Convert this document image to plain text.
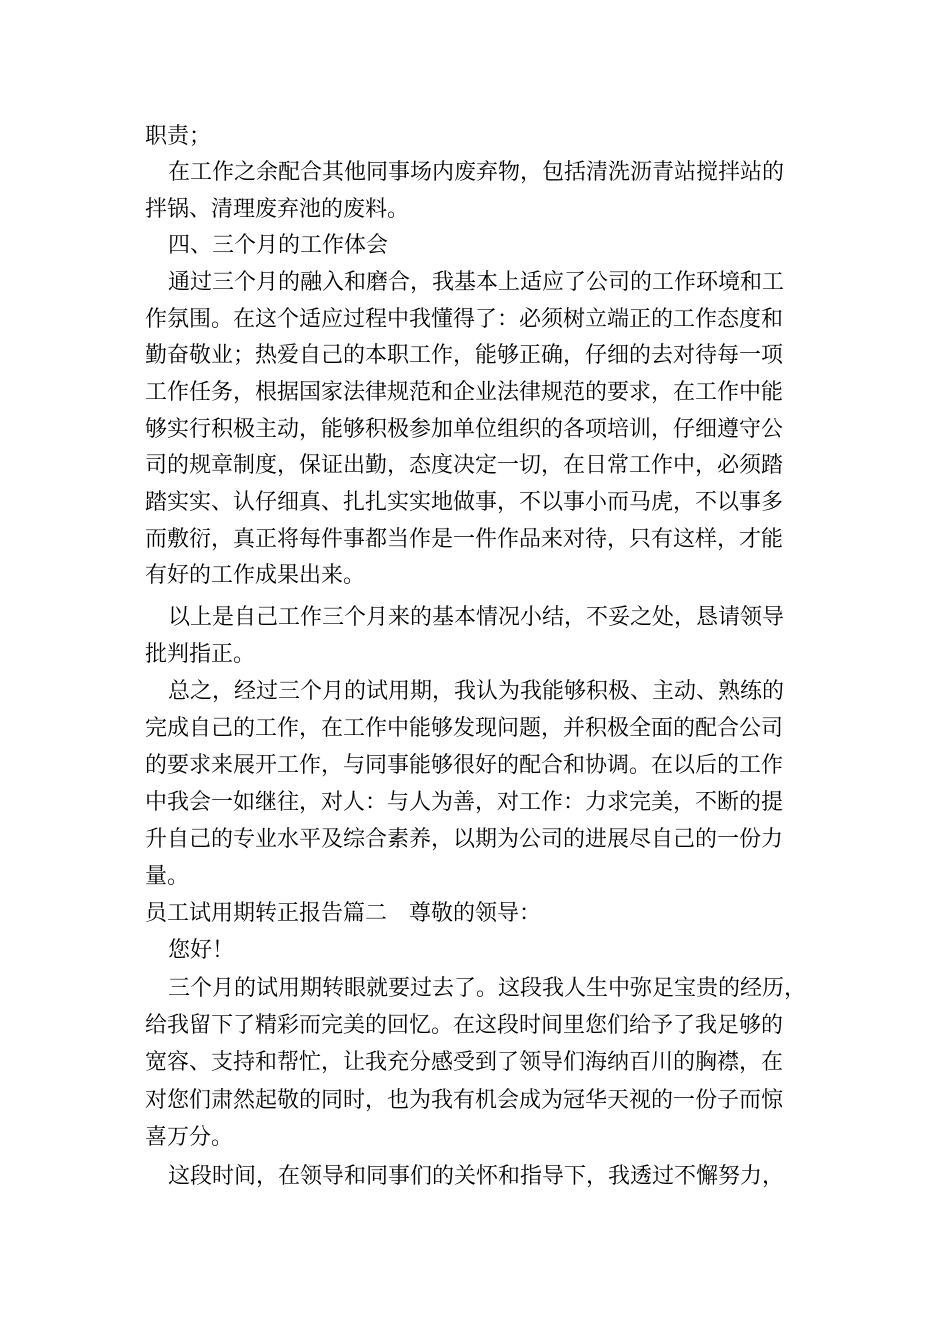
职责；
在工作之余配合其他同事场内废弃物，包括清洗沥青站搅拌站的
拌锅、清理废弃池的废料。
四、三个月的工作体会
通过三个月的融入和磨合，我基本上适应了公司的工作环境和工
作氛围。在这个适应过程中我懂得了：必须树立端正的工作态度和
勤奋敬业；热爱自己的本职工作，能够正确，仔细的去对待每一项
工作任务，根据国家法律规范和企业法律规范的要求，在工作中能
够实行积极主动，能够积极参加单位组织的各项培训，仔细遵守公
司的规章制度，保证出勤，态度决定一切，在日常工作中，必须踏
踏实实、认仔细真、扎扎实实地做事，不以事小而马虎，不以事多
而敷衍，真正将每件事都当作是一件作品来对待，只有这样，才能
有好的工作成果出来。
以上是自己工作三个月来的基本情况小结，不妥之处，恳请领导
批判指正。
总之，经过三个月的试用期，我认为我能够积极、主动、熟练的
完成自己的工作，在工作中能够发现问题，并积极全面的配合公司
的要求来展开工作，与同事能够很好的配合和协调。在以后的工作
中我会一如继往，对人：与人为善，对工作：力求完美，不断的提
升自己的专业水平及综合素养，以期为公司的进展尽自己的一份力
量。
员工试用期转正报告篇二　尊敬的领导：
您好！
三个月的试用期转眼就要过去了。这段我人生中弥足宝贵的经历，
给我留下了精彩而完美的回忆。在这段时间里您们给予了我足够的
宽容、支持和帮忙，让我充分感受到了领导们海纳百川的胸襟，在
对您们肃然起敬的同时，也为我有机会成为冠华天视的一份子而惊
喜万分。
这段时间，在领导和同事们的关怀和指导下，我透过不懈努力，
